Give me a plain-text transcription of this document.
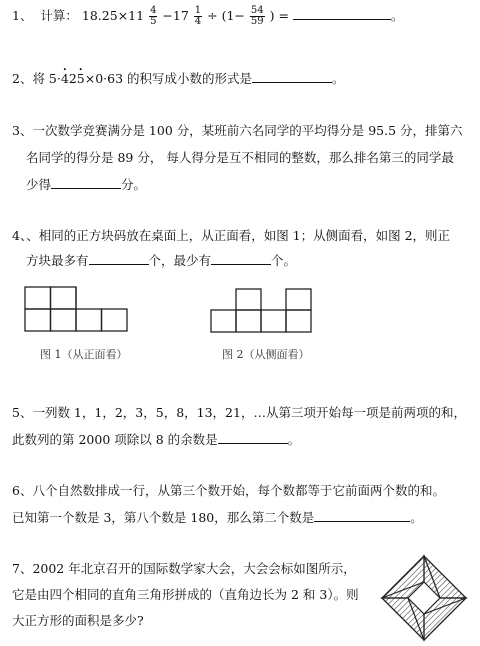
1、 计算： $18.25\times 11 \frac{4}{5} -17 \frac{1}{4} \div (1- \frac{54}{59}$ ) =	。
2、将 5·• 42• 5×0·63 的积写成小数的形式是	。
3、一次数学竞赛满分是 100 分，某班前六名同学的平均得分是 95.5 分，排第六
名同学的得分是 89 分， 每人得分是互不相同的整数，那么排名第三的同学最
少得	分。
4、、相同的正方块码放在桌面上，从正面看，如图 1；从侧面看，如图 2，则正
方块最多有	个，最少有	个。
图 1（从正面看）	图 2（从侧面看）
5、一列数 1，1，2，3，5，8，13，21，…从第三项开始每一项是前两项的和，
此数列的第 2000 项除以 8 的余数是	。
6、八个自然数排成一行，从第三个数开始，每个数都等于它前面两个数的和。
已知第一个数是 3，第八个数是 180，那么第二个数是	。
7、2002 年北京召开的国际数学家大会，大会会标如图所示，
它是由四个相同的直角三角形拼成的（直角边长为 2 和 3）。则
大正方形的面积是多少?
